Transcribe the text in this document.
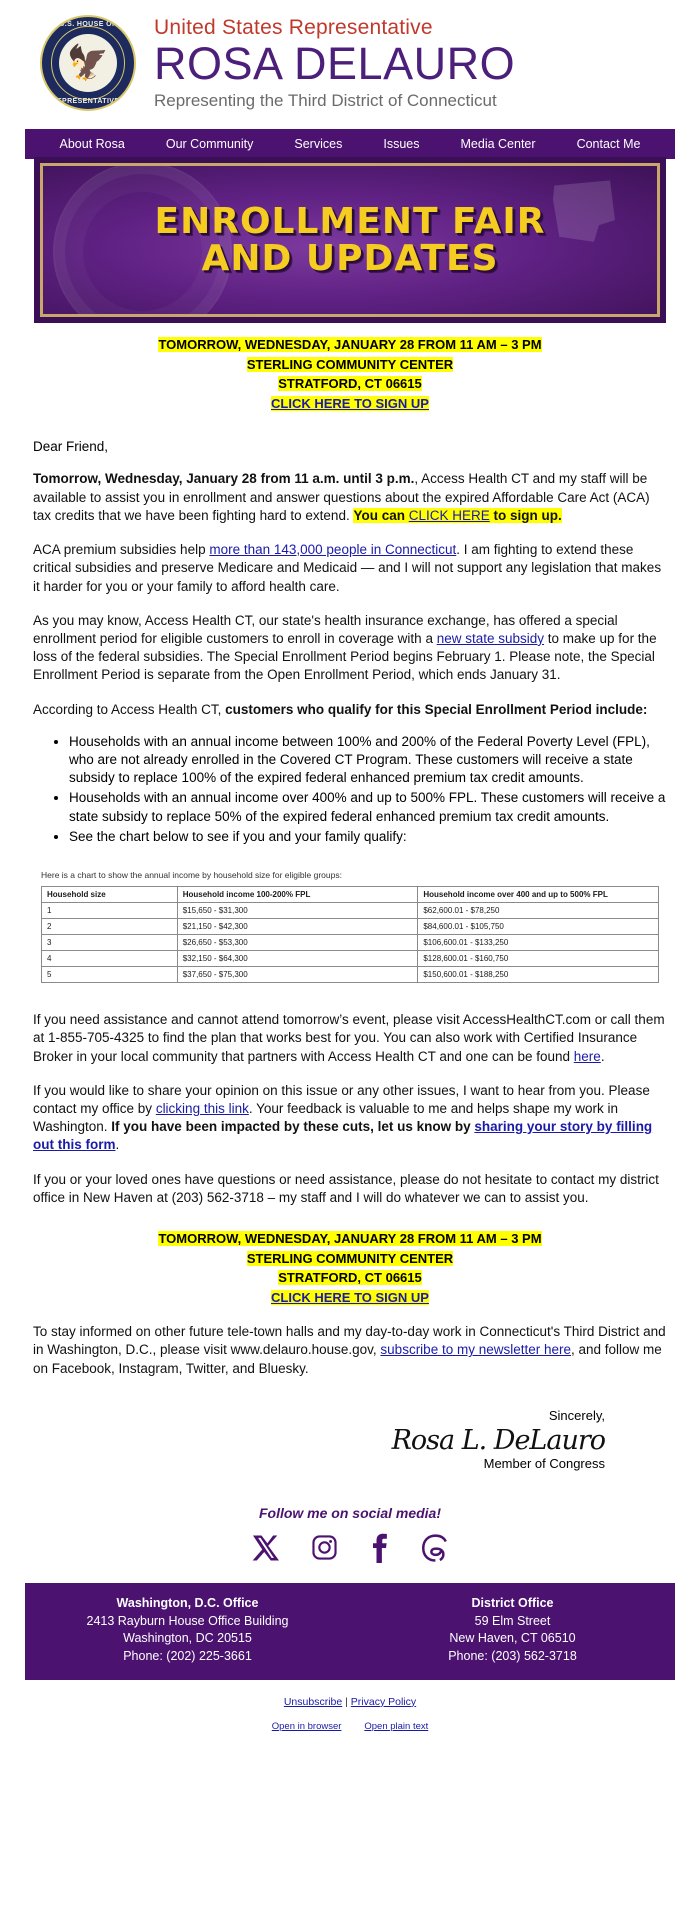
U.S. HOUSE OF
REPRESENTATIVES
🦅
United States Representative
ROSA DELAURO
Representing the Third District of Connecticut
About Rosa	Our Community	Services	Issues	Media Center	Contact Me
ENROLLMENT FAIR
AND UPDATES
TOMORROW, WEDNESDAY, JANUARY 28 FROM 11 AM – 3 PM
STERLING COMMUNITY CENTER
STRATFORD, CT 06615
CLICK HERE TO SIGN UP

Dear Friend,

Tomorrow, Wednesday, January 28 from 11 a.m. until 3 p.m., Access Health CT and my staff will be available to assist you in enrollment and answer questions about the expired Affordable Care Act (ACA) tax credits that we have been fighting hard to extend. You can CLICK HERE to sign up.

ACA premium subsidies help more than 143,000 people in Connecticut. I am fighting to extend these critical subsidies and preserve Medicare and Medicaid — and I will not support any legislation that makes it harder for you or your family to afford health care.

As you may know, Access Health CT, our state's health insurance exchange, has offered a special enrollment period for eligible customers to enroll in coverage with a new state subsidy to make up for the loss of the federal subsidies. The Special Enrollment Period begins February 1. Please note, the Special Enrollment Period is separate from the Open Enrollment Period, which ends January 31.

According to Access Health CT, customers who qualify for this Special Enrollment Period include:

• Households with an annual income between 100% and 200% of the Federal Poverty Level (FPL), who are not already enrolled in the Covered CT Program. These customers will receive a state subsidy to replace 100% of the expired federal enhanced premium tax credit amounts.
• Households with an annual income over 400% and up to 500% FPL. These customers will receive a state subsidy to replace 50% of the expired federal enhanced premium tax credit amounts.
• See the chart below to see if you and your family qualify:
Here is a chart to show the annual income by household size for eligible groups:
Household size	Household income 100-200% FPL	Household income over 400 and up to 500% FPL
1	$15,650 - $31,300	$62,600.01 - $78,250
2	$21,150 - $42,300	$84,600.01 - $105,750
3	$26,650 - $53,300	$106,600.01 - $133,250
4	$32,150 - $64,300	$128,600.01 - $160,750
5	$37,650 - $75,300	$150,600.01 - $188,250

If you need assistance and cannot attend tomorrow’s event, please visit AccessHealthCT.com or call them at 1-855-705-4325 to find the plan that works best for you. You can also work with Certified Insurance Broker in your local community that partners with Access Health CT and one can be found here.

If you would like to share your opinion on this issue or any other issues, I want to hear from you. Please contact my office by clicking this link. Your feedback is valuable to me and helps shape my work in Washington. If you have been impacted by these cuts, let us know by sharing your story by filling out this form.

If you or your loved ones have questions or need assistance, please do not hesitate to contact my district office in New Haven at (203) 562-3718 – my staff and I will do whatever we can to assist you.

TOMORROW, WEDNESDAY, JANUARY 28 FROM 11 AM – 3 PM
STERLING COMMUNITY CENTER
STRATFORD, CT 06615
CLICK HERE TO SIGN UP

To stay informed on other future tele-town halls and my day-to-day work in Connecticut's Third District and in Washington, D.C., please visit www.delauro.house.gov, subscribe to my newsletter here, and follow me on Facebook, Instagram, Twitter, and Bluesky.

Sincerely,
Rosa L. DeLauro
Member of Congress
Follow me on social media!
Washington, D.C. Office
2413 Rayburn House Office Building
Washington, DC 20515
Phone: (202) 225-3661
District Office
59 Elm Street
New Haven, CT 06510
Phone: (203) 562-3718
Unsubscribe | Privacy Policy
Open in browser Open plain text
